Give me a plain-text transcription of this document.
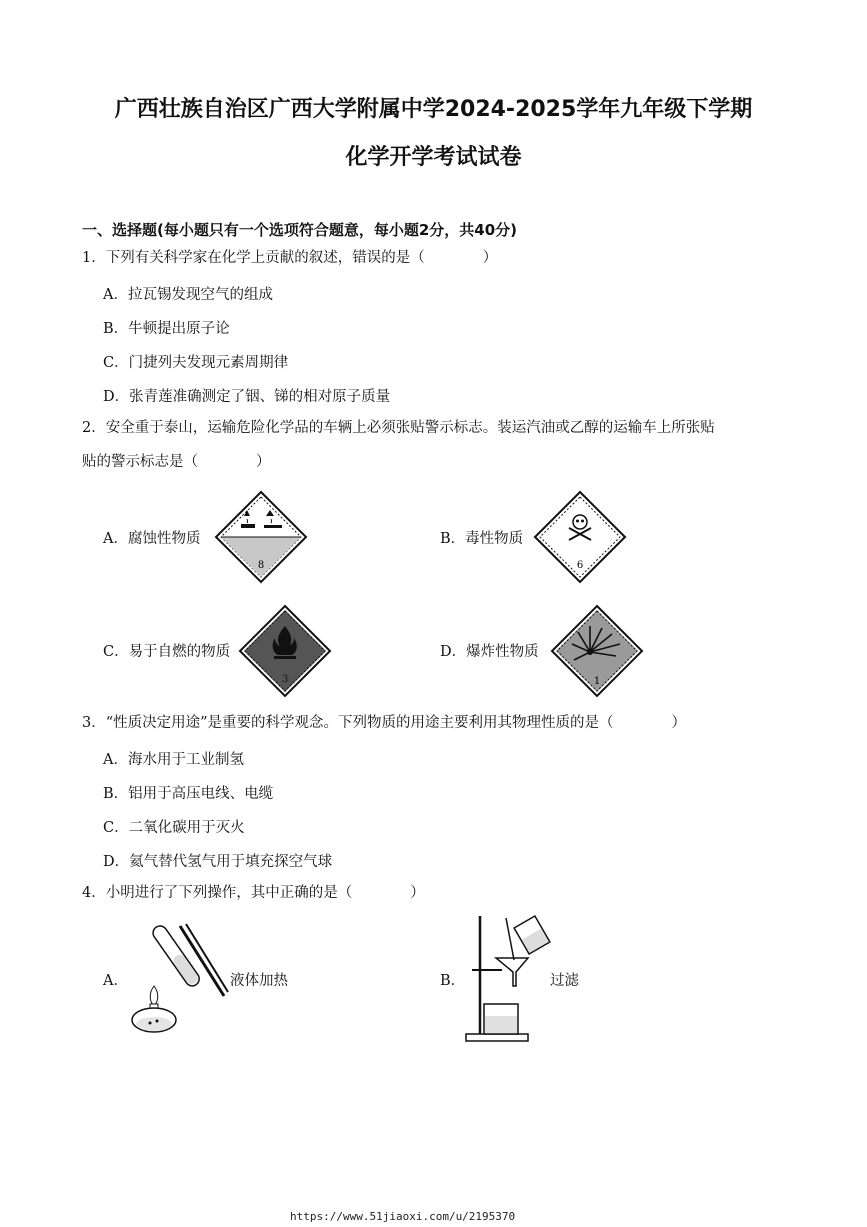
广西壮族自治区广西大学附属中学2024-2025学年九年级下学期
化学开学考试试卷
一、选择题(每小题只有一个选项符合题意，每小题2分，共40分)
1．下列有关科学家在化学上贡献的叙述，错误的是（　　　　）
A．拉瓦锡发现空气的组成
B．牛顿提出原子论
C．门捷列夫发现元素周期律
D．张青莲准确测定了铟、锑的相对原子质量
2．安全重于泰山，运输危险化学品的车辆上必须张贴警示标志。装运汽油或乙醇的运输车上所张贴
贴的警示标志是（　　　　）
A．腐蚀性物质
8
B．毒性物质
6
C．易于自燃的物质
3
D．爆炸性物质
1
3．“性质决定用途”是重要的科学观念。下列物质的用途主要利用其物理性质的是（　　　　）
A．海水用于工业制氢
B．铝用于高压电线、电缆
C．二氧化碳用于灭火
D．氦气替代氢气用于填充探空气球
4．小明进行了下列操作，其中正确的是（　　　　）
A．	液体加热	B．	过滤
https://www.51jiaoxi.com/u/2195370
